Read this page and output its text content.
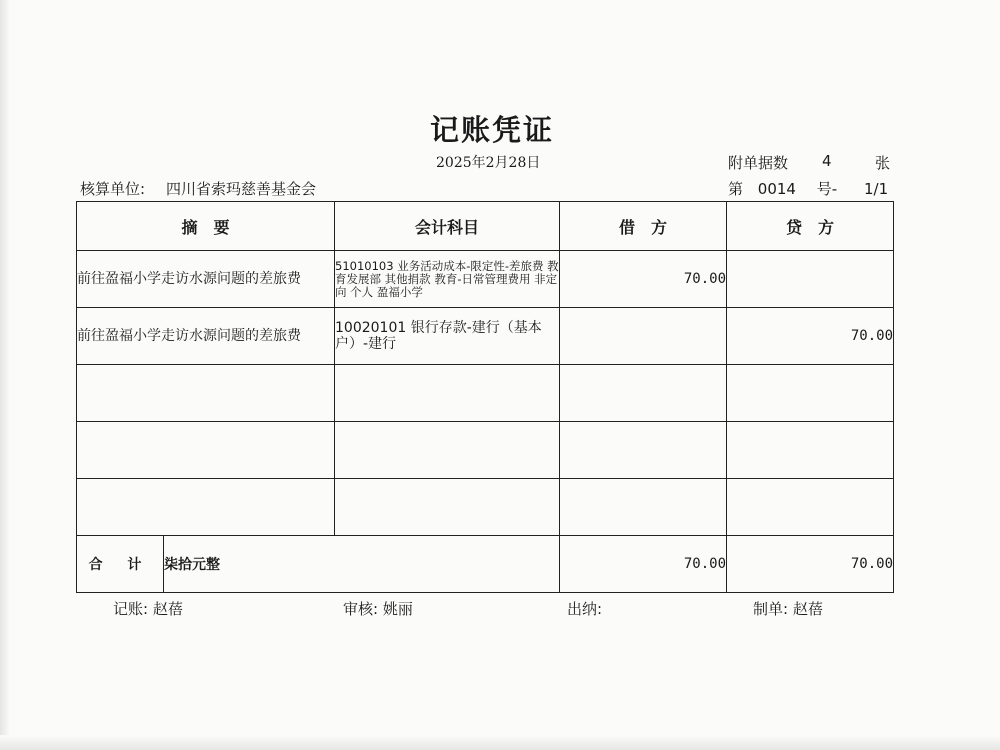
记账凭证
2025年2月28日	附单据数 4	张
核算单位: 四川省索玛慈善基金会	第 0014 号- 1/1
摘　要		会计科目	借　方	贷　方
前往盈福小学走访水源问题的差旅费		51010103 业务活动成本-限定性-差旅费 教育发展部 其他捐款 教育-日常管理费用 非定向 个人 盈福小学	70.00	
前往盈福小学走访水源问题的差旅费		10020101 银行存款-建行（基本户）-建行		70.00

合 计	柒拾元整		70.00	70.00
记账: 赵蓓	审核: 姚丽	出纳:	制单: 赵蓓
